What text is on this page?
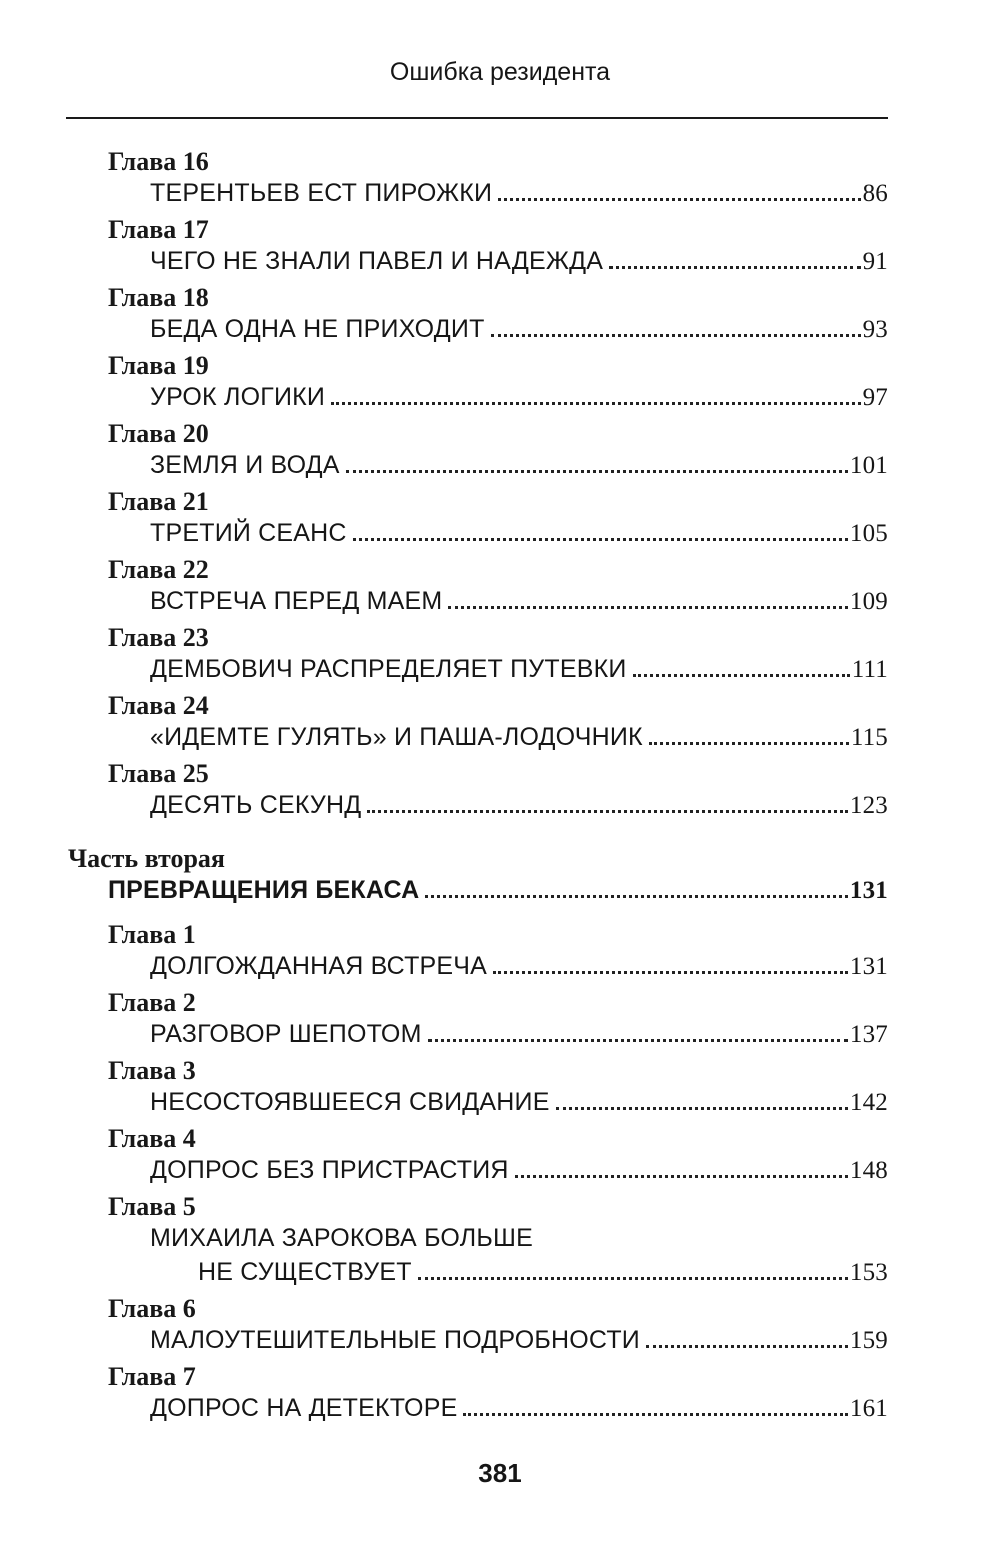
Ошибка резидента
Глава 16
ТЕРЕНТЬЕВ ЕСТ ПИРОЖКИ	86
Глава 17
ЧЕГО НЕ ЗНАЛИ ПАВЕЛ И НАДЕЖДА	91
Глава 18
БЕДА ОДНА НЕ ПРИХОДИТ	93
Глава 19
УРОК ЛОГИКИ	97
Глава 20
ЗЕМЛЯ И ВОДА	101
Глава 21
ТРЕТИЙ СЕАНС	105
Глава 22
ВСТРЕЧА ПЕРЕД МАЕМ	109
Глава 23
ДЕМБОВИЧ РАСПРЕДЕЛЯЕТ ПУТЕВКИ	111
Глава 24
«ИДЕМТЕ ГУЛЯТЬ» И ПАША-ЛОДОЧНИК	115
Глава 25
ДЕСЯТЬ СЕКУНД	123
Часть вторая
ПРЕВРАЩЕНИЯ БЕКАСА	131
Глава 1
ДОЛГОЖДАННАЯ ВСТРЕЧА	131
Глава 2
РАЗГОВОР ШЕПОТОМ	137
Глава 3
НЕСОСТОЯВШЕЕСЯ СВИДАНИЕ	142
Глава 4
ДОПРОС БЕЗ ПРИСТРАСТИЯ	148
Глава 5
МИХАИЛА ЗАРОКОВА БОЛЬШЕ
НЕ СУЩЕСТВУЕТ	153
Глава 6
МАЛОУТЕШИТЕЛЬНЫЕ ПОДРОБНОСТИ	159
Глава 7
ДОПРОС НА ДЕТЕКТОРЕ	161
381
